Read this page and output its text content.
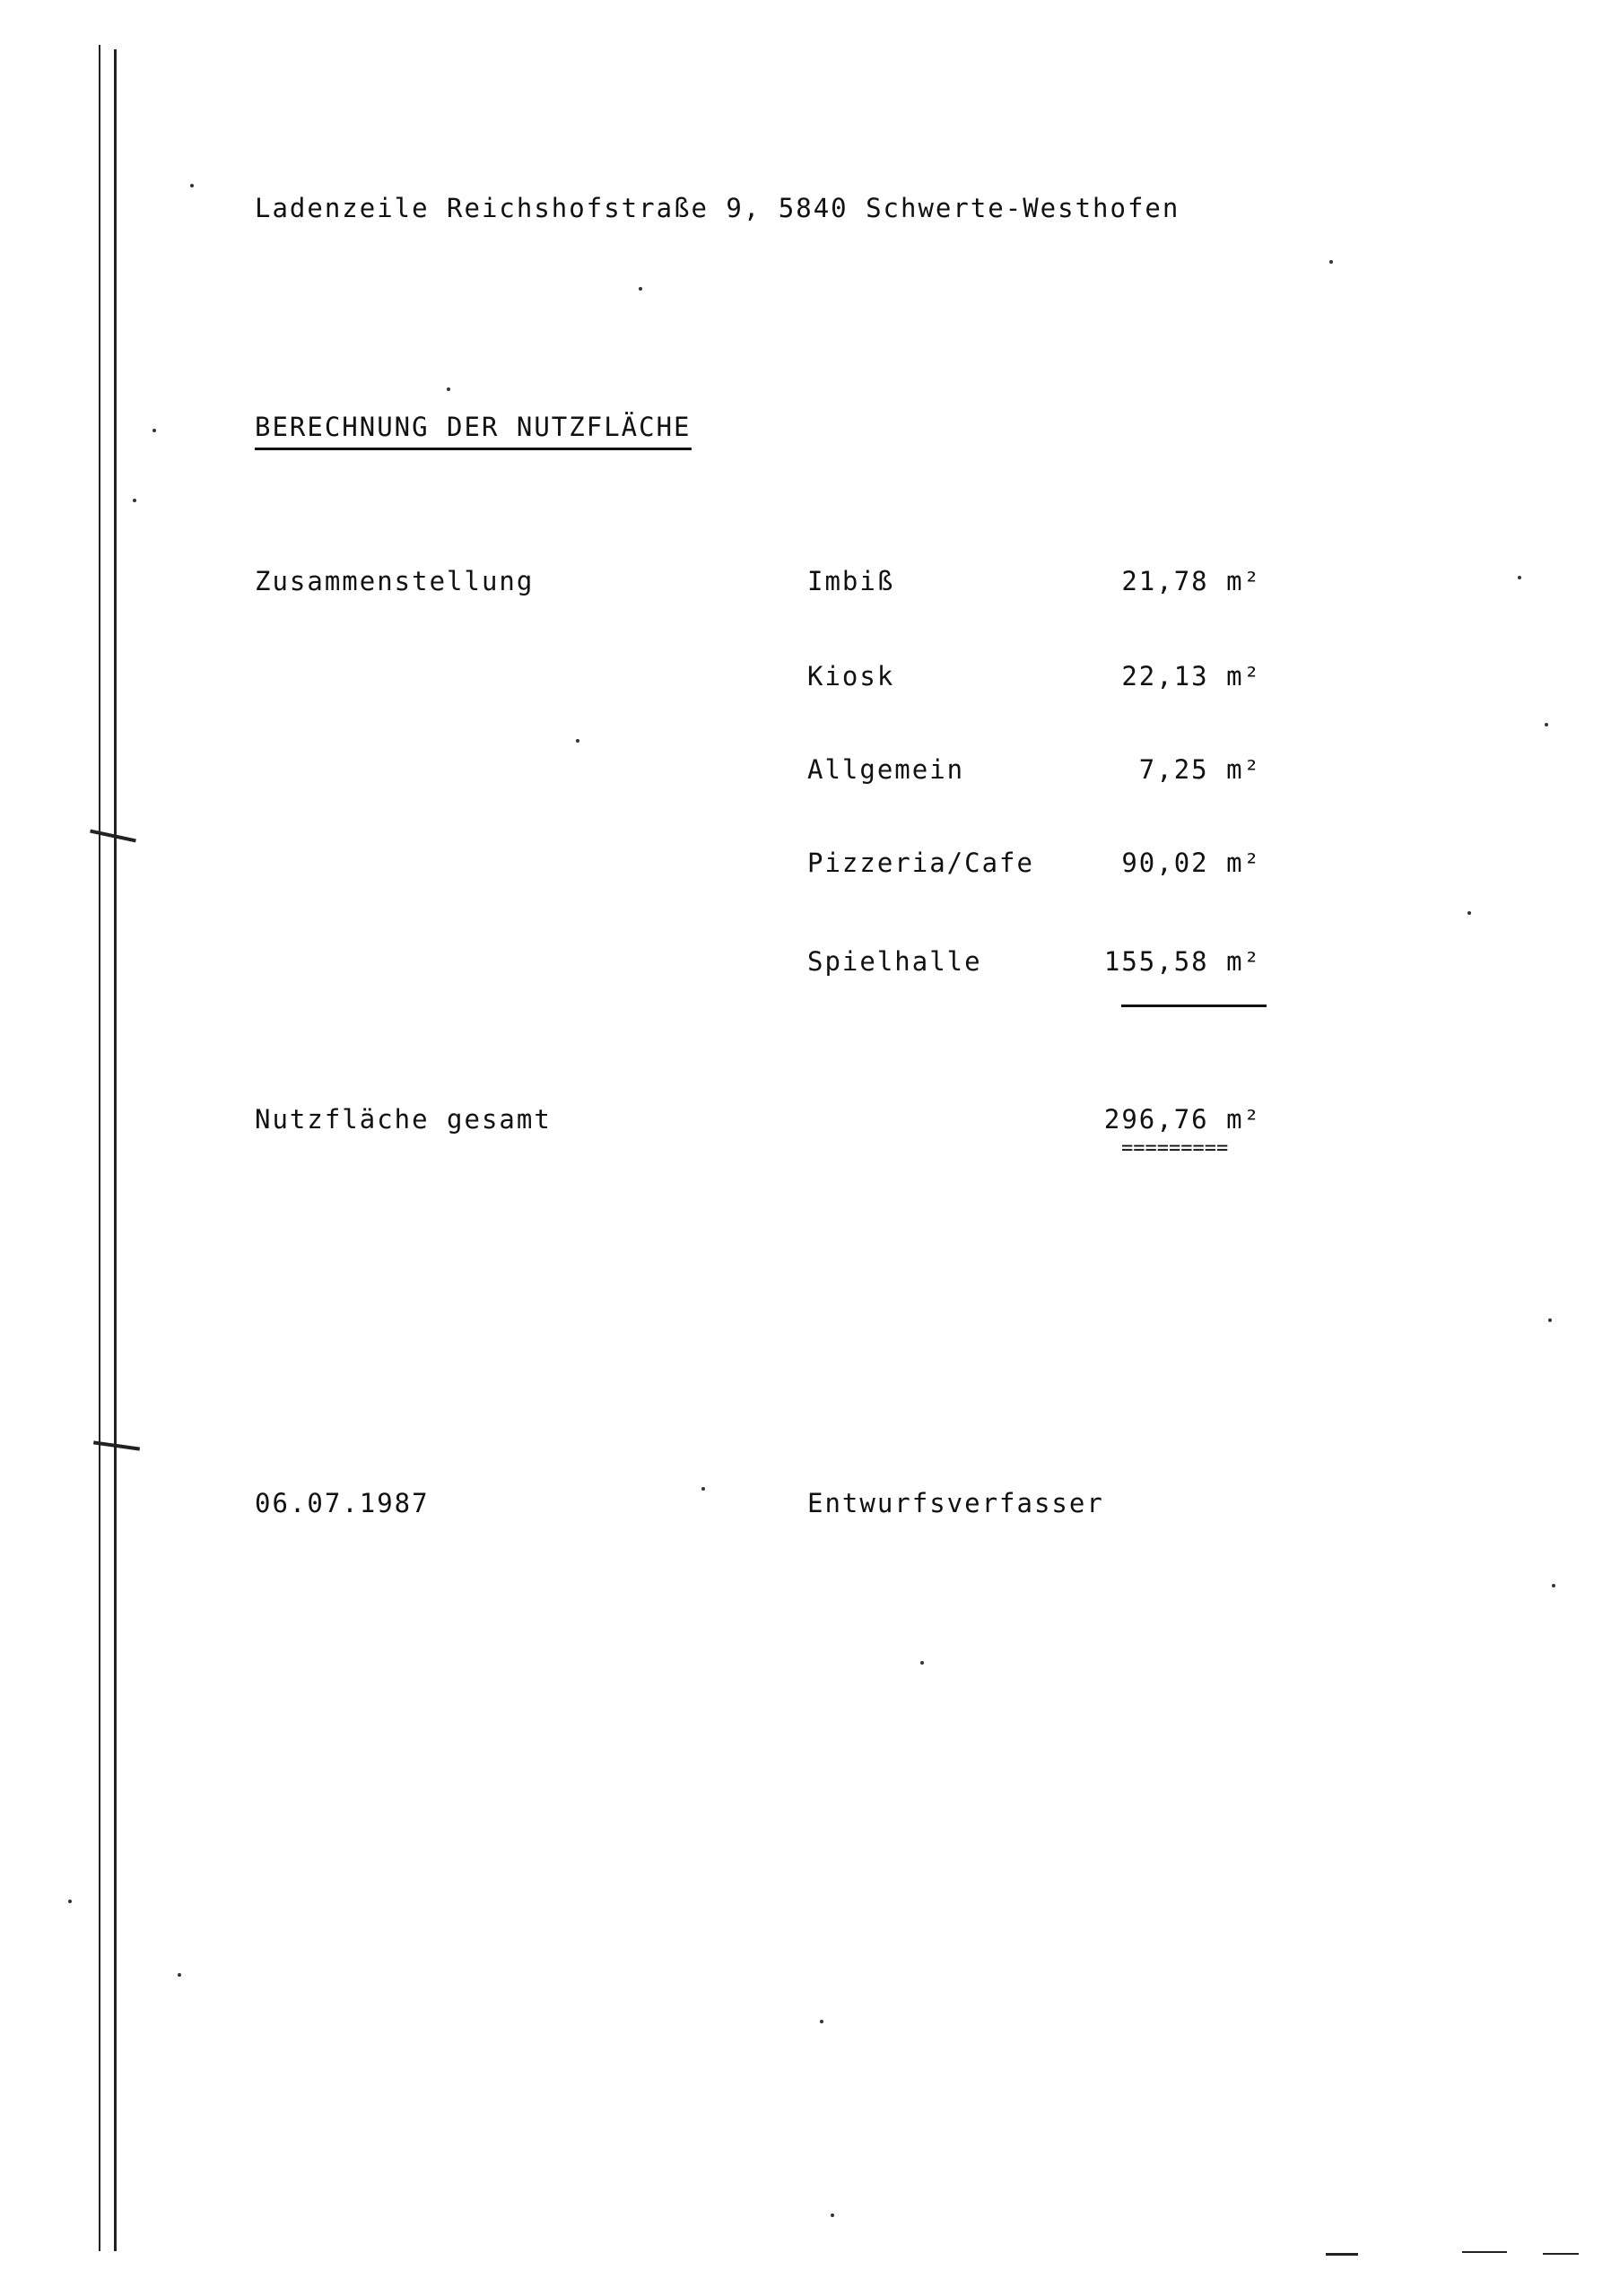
Ladenzeile Reichshofstraße 9, 5840 Schwerte-Westhofen
BERECHNUNG DER NUTZFLÄCHE
Zusammenstellung	Imbiß	21,78 m²
Kiosk	22,13 m²
Allgemein	7,25 m²
Pizzeria/Cafe	90,02 m²
Spielhalle	155,58 m²
Nutzfläche gesamt	296,76 m²
=========
06.07.1987	Entwurfsverfasser
